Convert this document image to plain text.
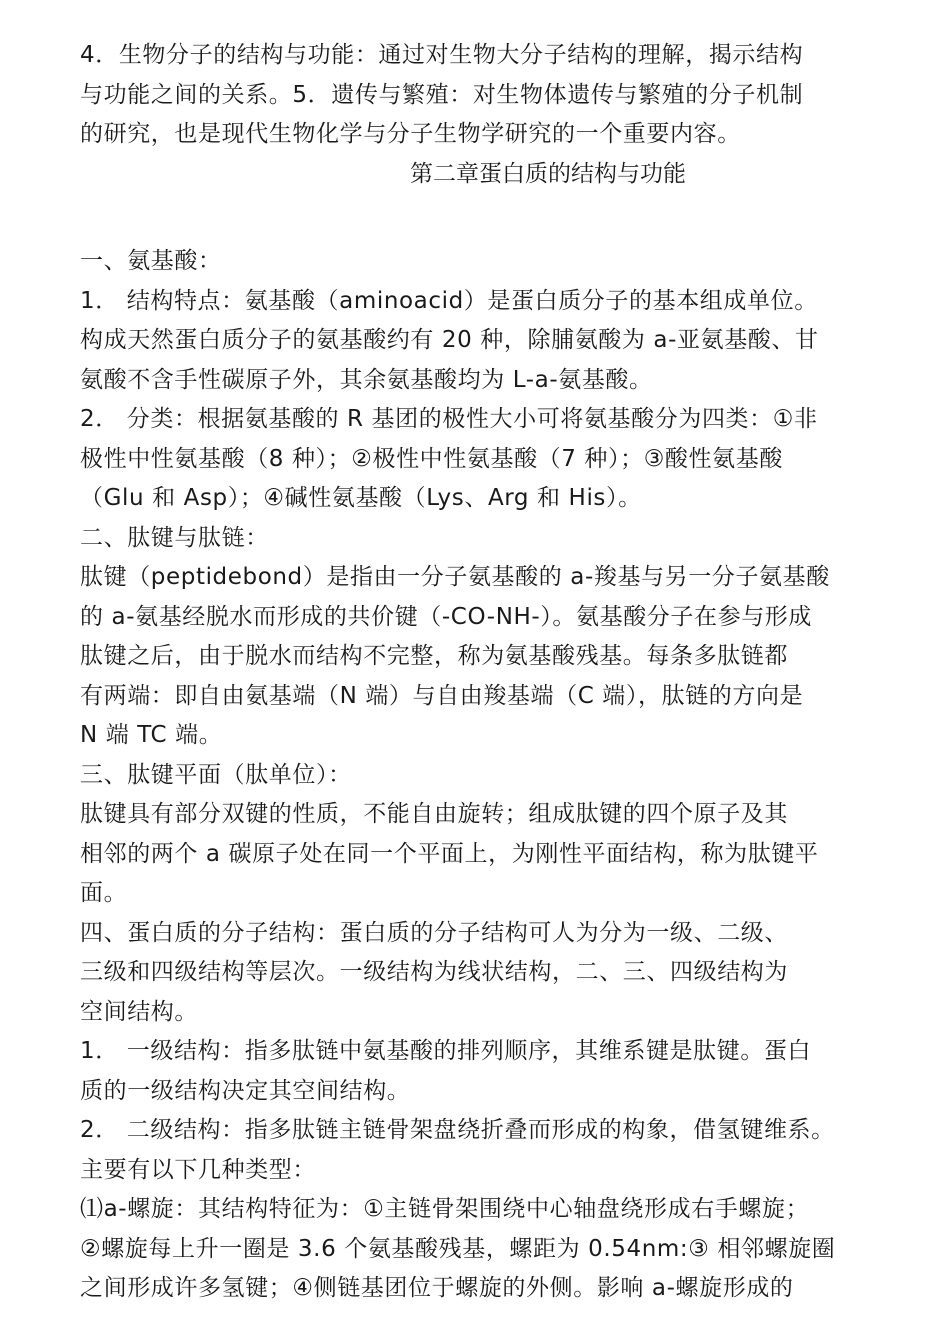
4．生物分子的结构与功能：通过对生物大分子结构的理解，揭示结构
与功能之间的关系。5．遗传与繁殖：对生物体遗传与繁殖的分子机制
的研究，也是现代生物化学与分子生物学研究的一个重要内容。
第二章蛋白质的结构与功能
一、氨基酸：
1． 结构特点：氨基酸（aminoacid）是蛋白质分子的基本组成单位。
构成天然蛋白质分子的氨基酸约有 20 种，除脯氨酸为 a-亚氨基酸、甘
氨酸不含手性碳原子外，其余氨基酸均为 L-a-氨基酸。
2． 分类：根据氨基酸的 R 基团的极性大小可将氨基酸分为四类：①非
极性中性氨基酸（8 种）；②极性中性氨基酸（7 种）；③酸性氨基酸
（Glu 和 Asp）；④碱性氨基酸（Lys、Arg 和 His）。
二、肽键与肽链：
肽键（peptidebond）是指由一分子氨基酸的 a-羧基与另一分子氨基酸
的 a-氨基经脱水而形成的共价键（-CO-NH-）。氨基酸分子在参与形成
肽键之后，由于脱水而结构不完整，称为氨基酸残基。每条多肽链都
有两端：即自由氨基端（N 端）与自由羧基端（C 端），肽链的方向是
N 端 TC 端。
三、肽键平面（肽单位）：
肽键具有部分双键的性质，不能自由旋转；组成肽键的四个原子及其
相邻的两个 a 碳原子处在同一个平面上，为刚性平面结构，称为肽键平
面。
四、蛋白质的分子结构：蛋白质的分子结构可人为分为一级、二级、
三级和四级结构等层次。一级结构为线状结构，二、三、四级结构为
空间结构。
1． 一级结构：指多肽链中氨基酸的排列顺序，其维系键是肽键。蛋白
质的一级结构决定其空间结构。
2． 二级结构：指多肽链主链骨架盘绕折叠而形成的构象，借氢键维系。
主要有以下几种类型：
⑴a-螺旋：其结构特征为：①主链骨架围绕中心轴盘绕形成右手螺旋；
②螺旋每上升一圈是 3.6 个氨基酸残基，螺距为 0.54nm:③ 相邻螺旋圈
之间形成许多氢键；④侧链基团位于螺旋的外侧。影响 a-螺旋形成的
